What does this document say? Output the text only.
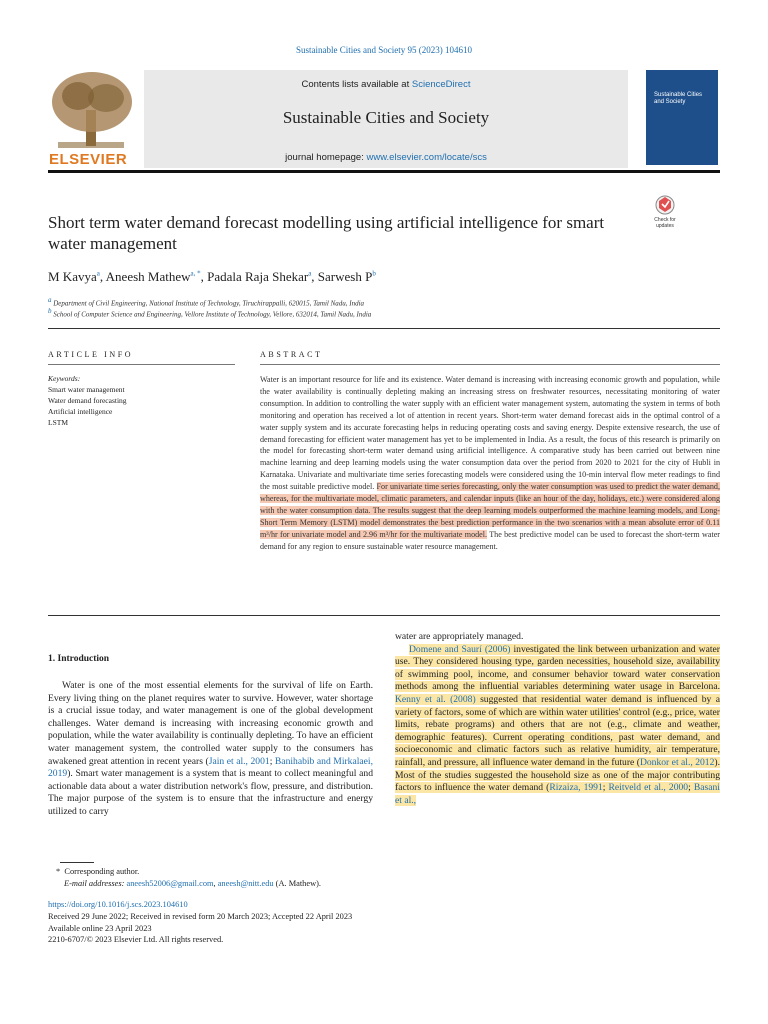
Sustainable Cities and Society 95 (2023) 104610
ELSEVIER
Contents lists available at ScienceDirect
Sustainable Cities and Society
journal homepage: www.elsevier.com/locate/scs
Sustainable Cities and Society
Short term water demand forecast modelling using artificial intelligence for smart water management
Check for
updates
M Kavya$^a$, Aneesh Mathew$^{a, *}$, Padala Raja Shekar$^a$, Sarwesh $P^b$
$^a$ Department of Civil Engineering, National Institute of Technology, Tiruchirappalli, 620015, Tamil Nadu, India
$^b$ School of Computer Science and Engineering, Vellore Institute of Technology, Vellore, 632014, Tamil Nadu, India
ARTICLE INFO	ABSTRACT
Keywords:
Smart water management
Water demand forecasting
Artificial intelligence
LSTM
Water is an important resource for life and its existence. Water demand is increasing with increasing economic growth and population, while the water availability is continually depleting making an increasing stress on freshwater resources, necessitating monitoring of water consumption. In addition to controlling the water supply with an efficient water management system, automating the system in terms of both monitoring and operation has received a lot of attention in recent years. Short-term water demand forecast aids in the optimal control of a water supply system and its accurate forecasting helps in reducing operating costs and saving energy. Despite extensive research, the use of demand forecasting for efficient water management has yet to be implemented in India. As a result, the focus of this research is primarily on the model for forecasting short-term water demand using artificial intelligence. A comparative study has been carried out between nine machine learning and deep learning models using the water consumption data over the period from 2020 to 2021 for the city of Hubli in Karnataka. Univariate and multivariate time series forecasting models were considered using the 10-min interval flow meter readings to find the most suitable predictive model. For univariate time series forecasting, only the water consumption was used to predict the water demand, whereas, for the multivariate model, climatic parameters, and calendar inputs (like an hour of the day, holidays, etc.) were considered along with the water consumption data. The results suggest that the deep learning models outperformed the machine learning models, and Long-Short Term Memory (LSTM) model demonstrates the best prediction performance in the two scenarios with a mean absolute error of 0.11 m³/hr for univariate model and 2.96 m³/hr for the multivariate model. The best predictive model can be used to forecast the short-term water demand for any region to ensure sustainable water resource management.
1. Introduction
Water is one of the most essential elements for the survival of life on Earth. Every living thing on the planet requires water to survive. However, water shortage is a crucial issue today, and water management is one of the global development challenges. Water demand is increasing with increasing economic growth and population, while the water availability is continually depleting. To have an efficient water management system, the controlled water supply to the consumers has awakened great attention in recent years (Jain et al., 2001; Banihabib and Mirkalaei, 2019). Smart water management is a system that is meant to collect meaningful and actionable data about a water distribution network's flow, pressure, and distribution. The major purpose of the system is to ensure that the infrastructure and energy utilized to carry
water are appropriately managed.
Domene and Saurí (2006) investigated the link between urbanization and water use. They considered housing type, garden necessities, household size, availability of swimming pool, income, and consumer behavior toward water conservation methods among the influential variables determining water usage in Barcelona. Kenny et al. (2008) suggested that residential water demand is influenced by a variety of factors, some of which are within water utilities' control (e.g., price, water limits, rebate programs) and others that are not (e.g., climate and weather, demographic features). Current operating conditions, past water demand, and socioeconomic and climatic factors such as relative humidity, air temperature, rainfall, and pressure, all influence water demand in the future (Donkor et al., 2012). Most of the studies suggested the household size as one of the major contributing factors to influence the water demand (Rizaiza, 1991; Reitveld et al., 2000; Basani et al.,
*  Corresponding author.
E-mail addresses: aneesh52006@gmail.com, aneesh@nitt.edu (A. Mathew).
https://doi.org/10.1016/j.scs.2023.104610
Received 29 June 2022; Received in revised form 20 March 2023; Accepted 22 April 2023
Available online 23 April 2023
2210-6707/© 2023 Elsevier Ltd. All rights reserved.
